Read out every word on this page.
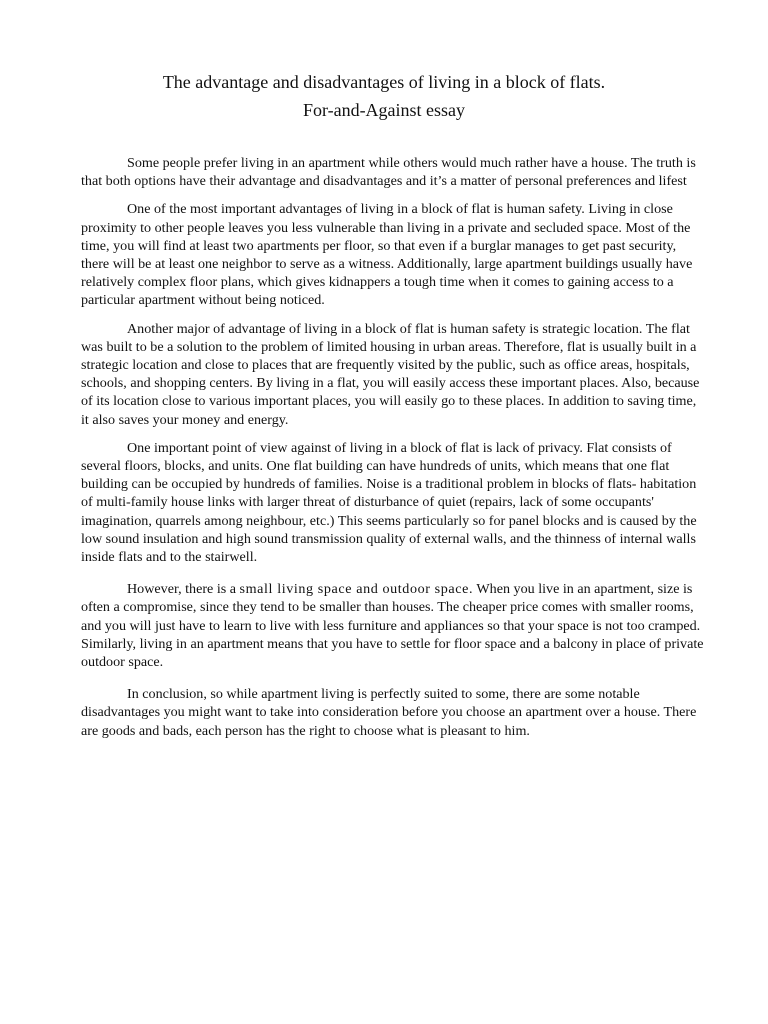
The advantage and disadvantages of living in a block of flats.
For-and-Against essay

Some people prefer living in an apartment while others would much rather have a house. The truth is that both options have their advantage and disadvantages and it’s a matter of personal preferences and lifest

One of the most important advantages of living in a block of flat is human safety. Living in close proximity to other people leaves you less vulnerable than living in a private and secluded space. Most of the time, you will find at least two apartments per floor, so that even if a burglar manages to get past security, there will be at least one neighbor to serve as a witness. Additionally, large apartment buildings usually have relatively complex floor plans, which gives kidnappers a tough time when it comes to gaining access to a particular apartment without being noticed.

Another major of advantage of living in a block of flat is human safety is strategic location. The flat was built to be a solution to the problem of limited housing in urban areas. Therefore, flat is usually built in a strategic location and close to places that are frequently visited by the public, such as office areas, hospitals, schools, and shopping centers. By living in a flat, you will easily access these important places. Also, because of its location close to various important places, you will easily go to these places. In addition to saving time, it also saves your money and energy.

One important point of view against of living in a block of flat is lack of privacy. Flat consists of several floors, blocks, and units. One flat building can have hundreds of units, which means that one flat building can be occupied by hundreds of families. Noise is a traditional problem in blocks of flats- habitation of multi-family house links with larger threat of disturbance of quiet (repairs, lack of some occupants' imagination, quarrels among neighbour, etc.) This seems particularly so for panel blocks and is caused by the low sound insulation and high sound transmission quality of external walls, and the thinness of internal walls inside flats and to the stairwell.

However, there is a small living space and outdoor space. When you live in an apartment, size is often a compromise, since they tend to be smaller than houses. The cheaper price comes with smaller rooms, and you will just have to learn to live with less furniture and appliances so that your space is not too cramped. Similarly, living in an apartment means that you have to settle for floor space and a balcony in place of private outdoor space.

In conclusion, so while apartment living is perfectly suited to some, there are some notable disadvantages you might want to take into consideration before you choose an apartment over a house. There are goods and bads, each person has the right to choose what is pleasant to him.
